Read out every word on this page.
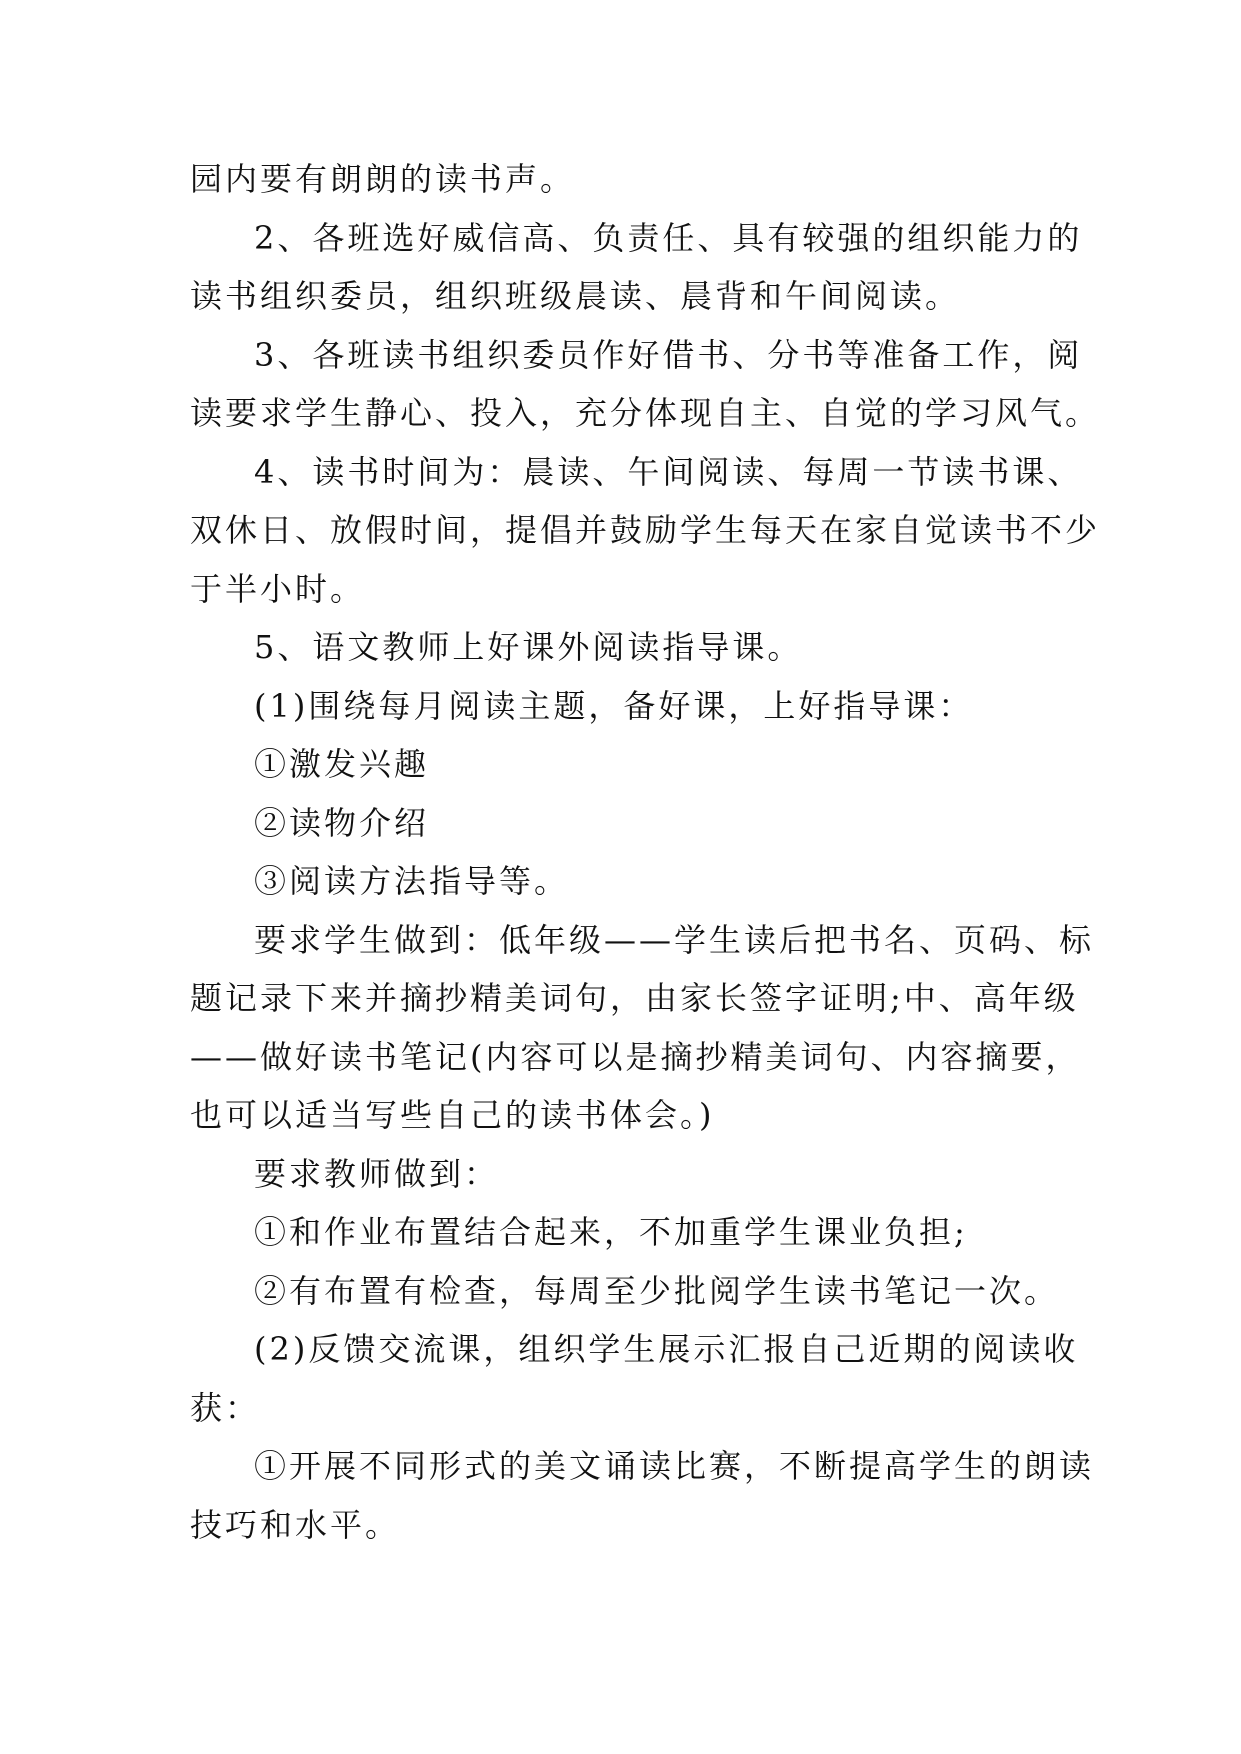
园内要有朗朗的读书声。
2、各班选好威信高、负责任、具有较强的组织能力的
读书组织委员，组织班级晨读、晨背和午间阅读。
3、各班读书组织委员作好借书、分书等准备工作，阅
读要求学生静心、投入，充分体现自主、自觉的学习风气。
4、读书时间为：晨读、午间阅读、每周一节读书课、
双休日、放假时间，提倡并鼓励学生每天在家自觉读书不少
于半小时。
5、语文教师上好课外阅读指导课。
(1)围绕每月阅读主题，备好课，上好指导课：
①激发兴趣
②读物介绍
③阅读方法指导等。
要求学生做到：低年级——学生读后把书名、页码、标
题记录下来并摘抄精美词句，由家长签字证明;中、高年级
——做好读书笔记(内容可以是摘抄精美词句、内容摘要，
也可以适当写些自己的读书体会。)
要求教师做到：
①和作业布置结合起来，不加重学生课业负担;
②有布置有检查，每周至少批阅学生读书笔记一次。
(2)反馈交流课，组织学生展示汇报自己近期的阅读收
获：
①开展不同形式的美文诵读比赛，不断提高学生的朗读
技巧和水平。
